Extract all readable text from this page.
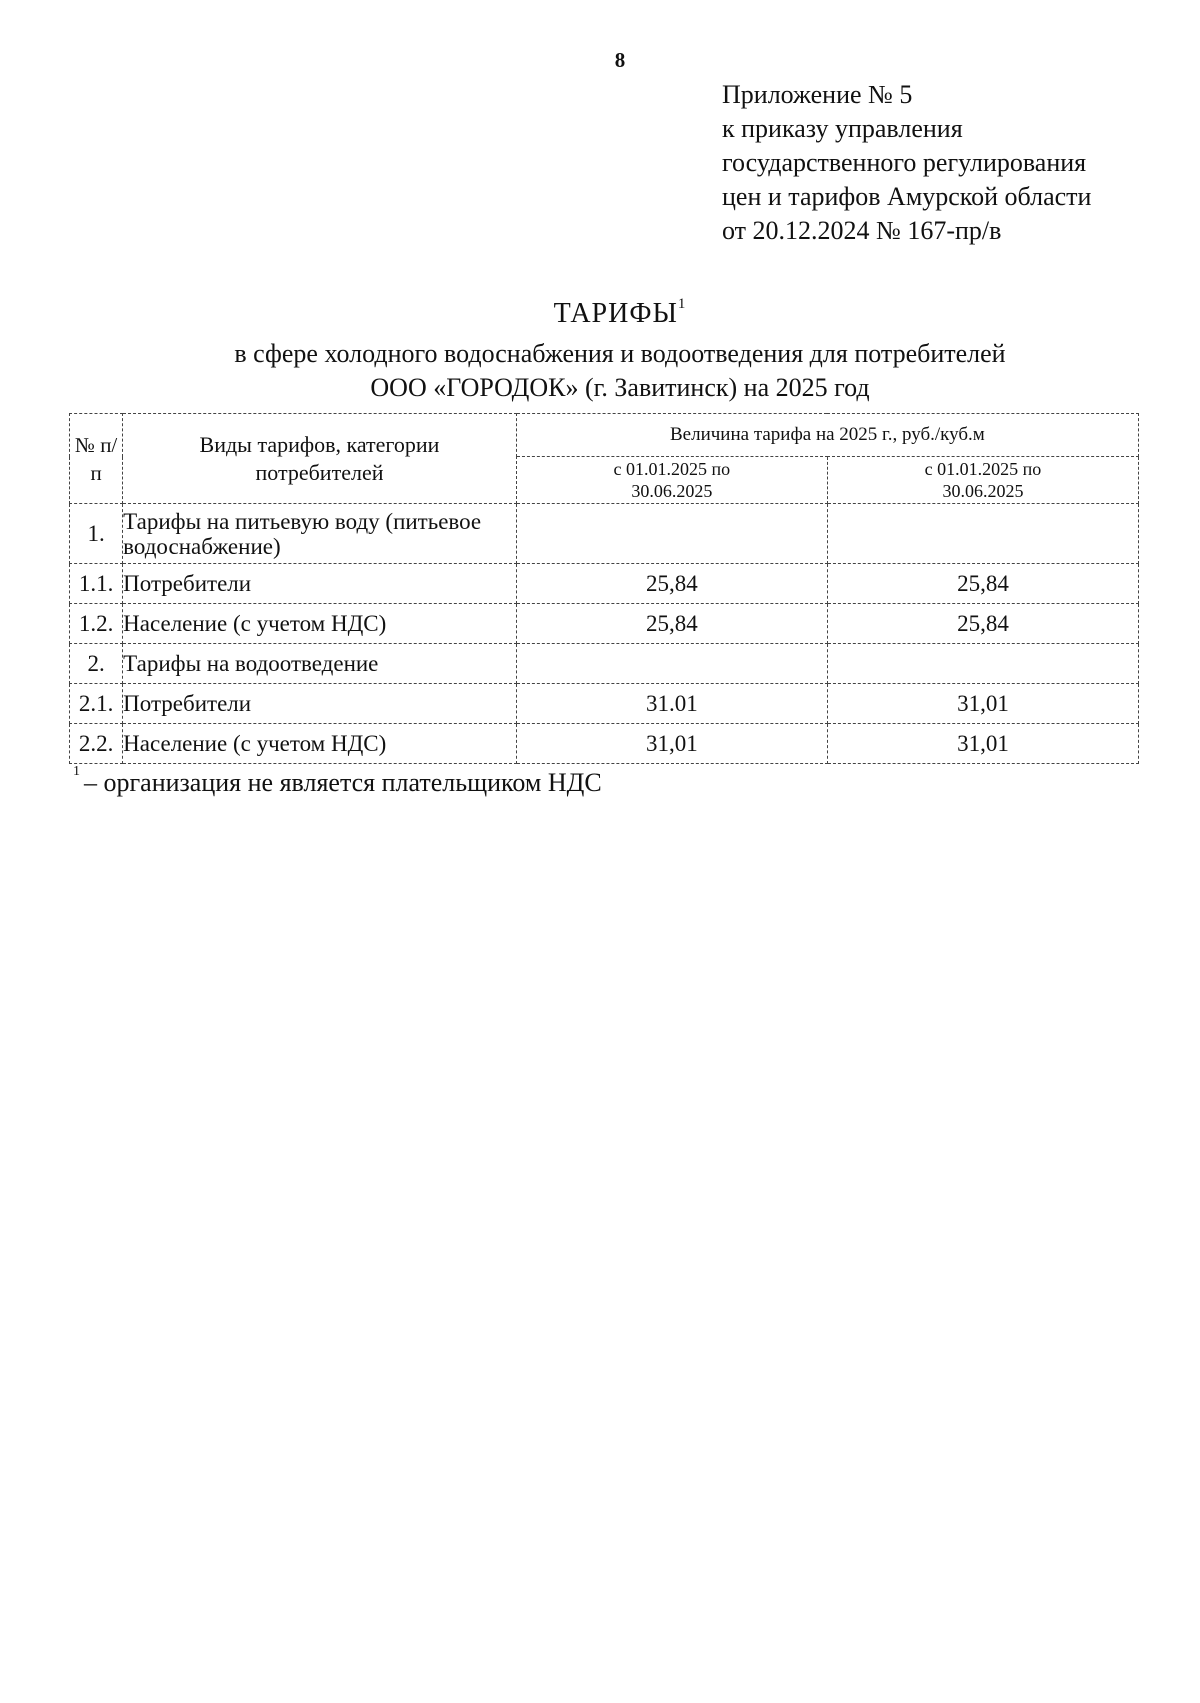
8
Приложение № 5
к приказу управления
государственного регулирования
цен и тарифов Амурской области
от 20.12.2024 № 167-пр/в
ТАРИФЫ$^1$
в сфере холодного водоснабжения и водоотведения для потребителей
ООО «ГОРОДОК» (г. Завитинск) на 2025 год
№ п/п	Виды тарифов, категории потребителей	Величина тарифа на 2025 г., руб./куб.м	
		с 01.01.2025 по 30.06.2025	с 01.01.2025 по 30.06.2025
1.	Тарифы на питьевую воду (питьевое водоснабжение)		
1.1.	Потребители	25,84	25,84
1.2.	Население (с учетом НДС)	25,84	25,84
2.	Тарифы на водоотведение		
2.1.	Потребители	31.01	31,01
2.2.	Население (с учетом НДС)	31,01	31,01
$^1$ – организация не является плательщиком НДС
